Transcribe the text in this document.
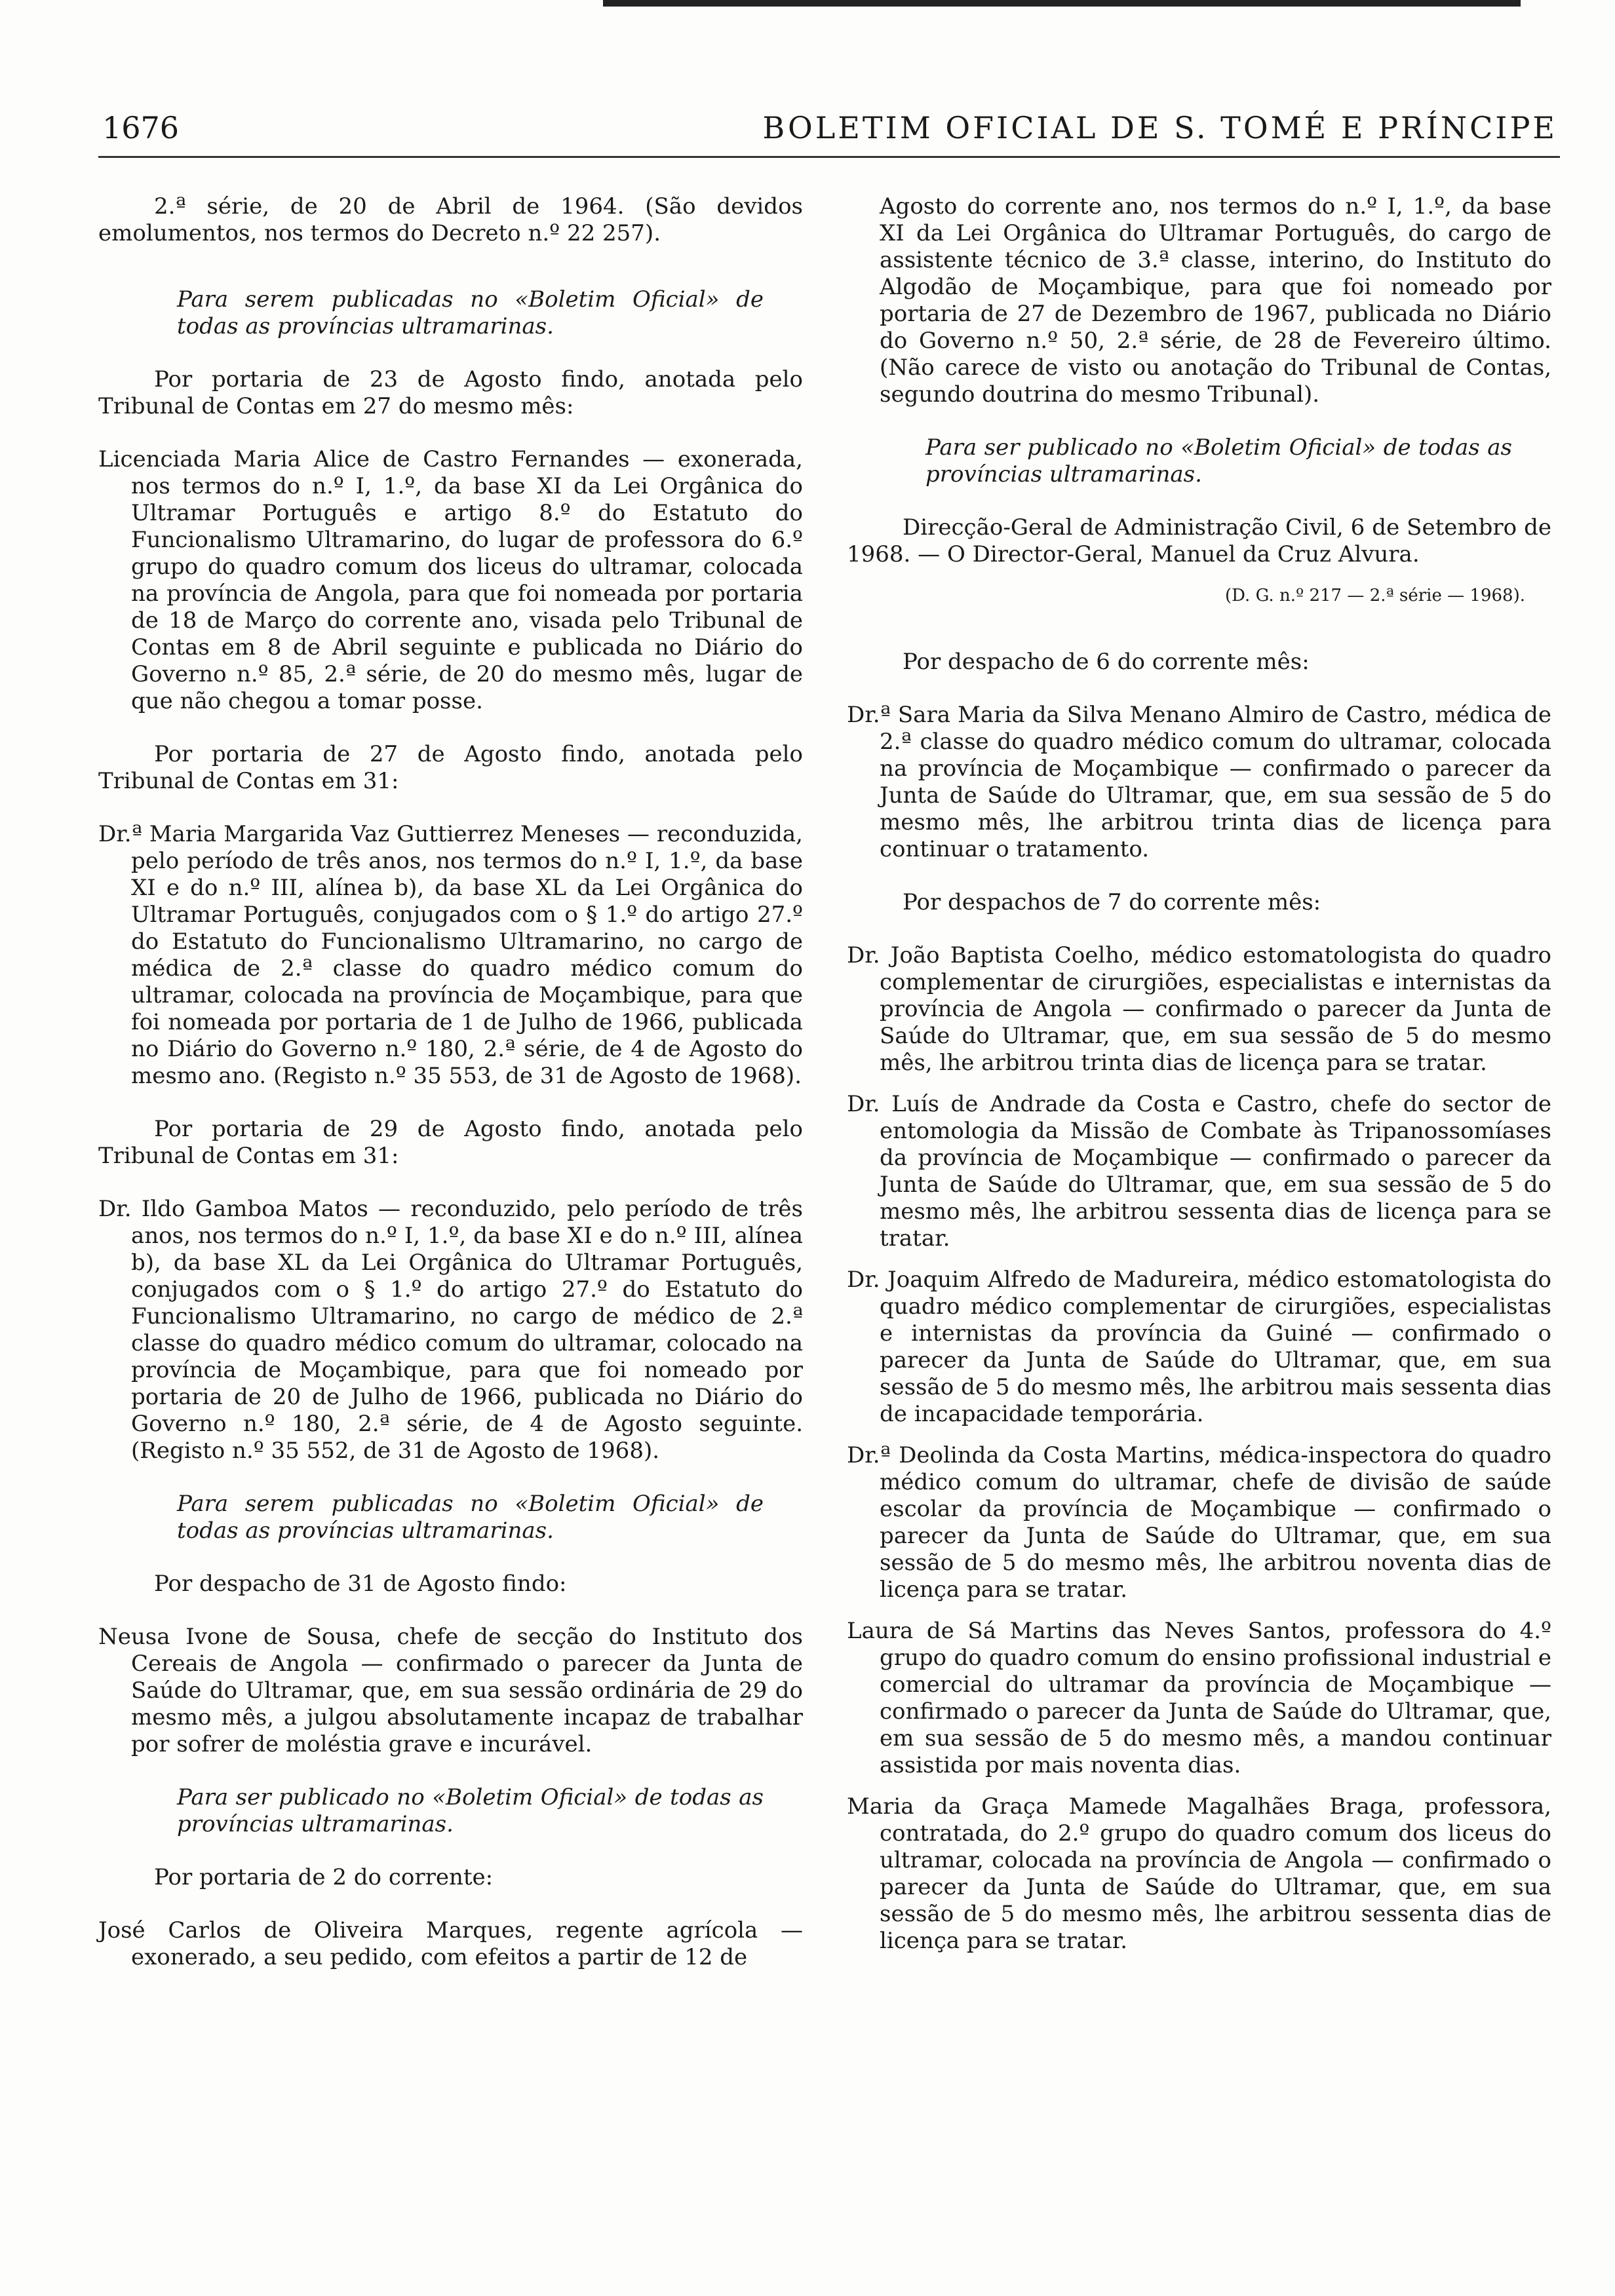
1676	BOLETIM OFICIAL DE S. TOMÉ E PRÍNCIPE

2.ª série, de 20 de Abril de 1964. (São devidos emolumentos, nos termos do Decreto n.º 22 257).

Para serem publicadas no «Boletim Oficial» de todas as províncias ultramarinas.

Por portaria de 23 de Agosto findo, anotada pelo Tribunal de Contas em 27 do mesmo mês:

Licenciada Maria Alice de Castro Fernandes — exonerada, nos termos do n.º I, 1.º, da base XI da Lei Orgânica do Ultramar Português e artigo 8.º do Estatuto do Funcionalismo Ultramarino, do lugar de professora do 6.º grupo do quadro comum dos liceus do ultramar, colocada na província de Angola, para que foi nomeada por portaria de 18 de Março do corrente ano, visada pelo Tribunal de Contas em 8 de Abril seguinte e publicada no Diário do Governo n.º 85, 2.ª série, de 20 do mesmo mês, lugar de que não chegou a tomar posse.

Por portaria de 27 de Agosto findo, anotada pelo Tribunal de Contas em 31:

Dr.ª Maria Margarida Vaz Guttierrez Meneses — reconduzida, pelo período de três anos, nos termos do n.º I, 1.º, da base XI e do n.º III, alínea b), da base XL da Lei Orgânica do Ultramar Português, conjugados com o § 1.º do artigo 27.º do Estatuto do Funcionalismo Ultramarino, no cargo de médica de 2.ª classe do quadro médico comum do ultramar, colocada na província de Moçambique, para que foi nomeada por portaria de 1 de Julho de 1966, publicada no Diário do Governo n.º 180, 2.ª série, de 4 de Agosto do mesmo ano. (Registo n.º 35 553, de 31 de Agosto de 1968).

Por portaria de 29 de Agosto findo, anotada pelo Tribunal de Contas em 31:

Dr. Ildo Gamboa Matos — reconduzido, pelo período de três anos, nos termos do n.º I, 1.º, da base XI e do n.º III, alínea b), da base XL da Lei Orgânica do Ultramar Português, conjugados com o § 1.º do artigo 27.º do Estatuto do Funcionalismo Ultramarino, no cargo de médico de 2.ª classe do quadro médico comum do ultramar, colocado na província de Moçambique, para que foi nomeado por portaria de 20 de Julho de 1966, publicada no Diário do Governo n.º 180, 2.ª série, de 4 de Agosto seguinte. (Registo n.º 35 552, de 31 de Agosto de 1968).

Para serem publicadas no «Boletim Oficial» de todas as províncias ultramarinas.

Por despacho de 31 de Agosto findo:

Neusa Ivone de Sousa, chefe de secção do Instituto dos Cereais de Angola — confirmado o parecer da Junta de Saúde do Ultramar, que, em sua sessão ordinária de 29 do mesmo mês, a julgou absolutamente incapaz de trabalhar por sofrer de moléstia grave e incurável.

Para ser publicado no «Boletim Oficial» de todas as províncias ultramarinas.

Por portaria de 2 do corrente:

José Carlos de Oliveira Marques, regente agrícola — exonerado, a seu pedido, com efeitos a partir de 12 de

Agosto do corrente ano, nos termos do n.º I, 1.º, da base XI da Lei Orgânica do Ultramar Português, do cargo de assistente técnico de 3.ª classe, interino, do Instituto do Algodão de Moçambique, para que foi nomeado por portaria de 27 de Dezembro de 1967, publicada no Diário do Governo n.º 50, 2.ª série, de 28 de Fevereiro último. (Não carece de visto ou anotação do Tribunal de Contas, segundo doutrina do mesmo Tribunal).

Para ser publicado no «Boletim Oficial» de todas as províncias ultramarinas.

Direcção-Geral de Administração Civil, 6 de Setembro de 1968. — O Director-Geral, Manuel da Cruz Alvura.

(D. G. n.º 217 — 2.ª série — 1968).

Por despacho de 6 do corrente mês:

Dr.ª Sara Maria da Silva Menano Almiro de Castro, médica de 2.ª classe do quadro médico comum do ultramar, colocada na província de Moçambique — confirmado o parecer da Junta de Saúde do Ultramar, que, em sua sessão de 5 do mesmo mês, lhe arbitrou trinta dias de licença para continuar o tratamento.

Por despachos de 7 do corrente mês:

Dr. João Baptista Coelho, médico estomatologista do quadro complementar de cirurgiões, especialistas e internistas da província de Angola — confirmado o parecer da Junta de Saúde do Ultramar, que, em sua sessão de 5 do mesmo mês, lhe arbitrou trinta dias de licença para se tratar.

Dr. Luís de Andrade da Costa e Castro, chefe do sector de entomologia da Missão de Combate às Tripanossomíases da província de Moçambique — confirmado o parecer da Junta de Saúde do Ultramar, que, em sua sessão de 5 do mesmo mês, lhe arbitrou sessenta dias de licença para se tratar.

Dr. Joaquim Alfredo de Madureira, médico estomatologista do quadro médico complementar de cirurgiões, especialistas e internistas da província da Guiné — confirmado o parecer da Junta de Saúde do Ultramar, que, em sua sessão de 5 do mesmo mês, lhe arbitrou mais sessenta dias de incapacidade temporária.

Dr.ª Deolinda da Costa Martins, médica-inspectora do quadro médico comum do ultramar, chefe de divisão de saúde escolar da província de Moçambique — confirmado o parecer da Junta de Saúde do Ultramar, que, em sua sessão de 5 do mesmo mês, lhe arbitrou noventa dias de licença para se tratar.

Laura de Sá Martins das Neves Santos, professora do 4.º grupo do quadro comum do ensino profissional industrial e comercial do ultramar da província de Moçambique — confirmado o parecer da Junta de Saúde do Ultramar, que, em sua sessão de 5 do mesmo mês, a mandou continuar assistida por mais noventa dias.

Maria da Graça Mamede Magalhães Braga, professora, contratada, do 2.º grupo do quadro comum dos liceus do ultramar, colocada na província de Angola — confirmado o parecer da Junta de Saúde do Ultramar, que, em sua sessão de 5 do mesmo mês, lhe arbitrou sessenta dias de licença para se tratar.
